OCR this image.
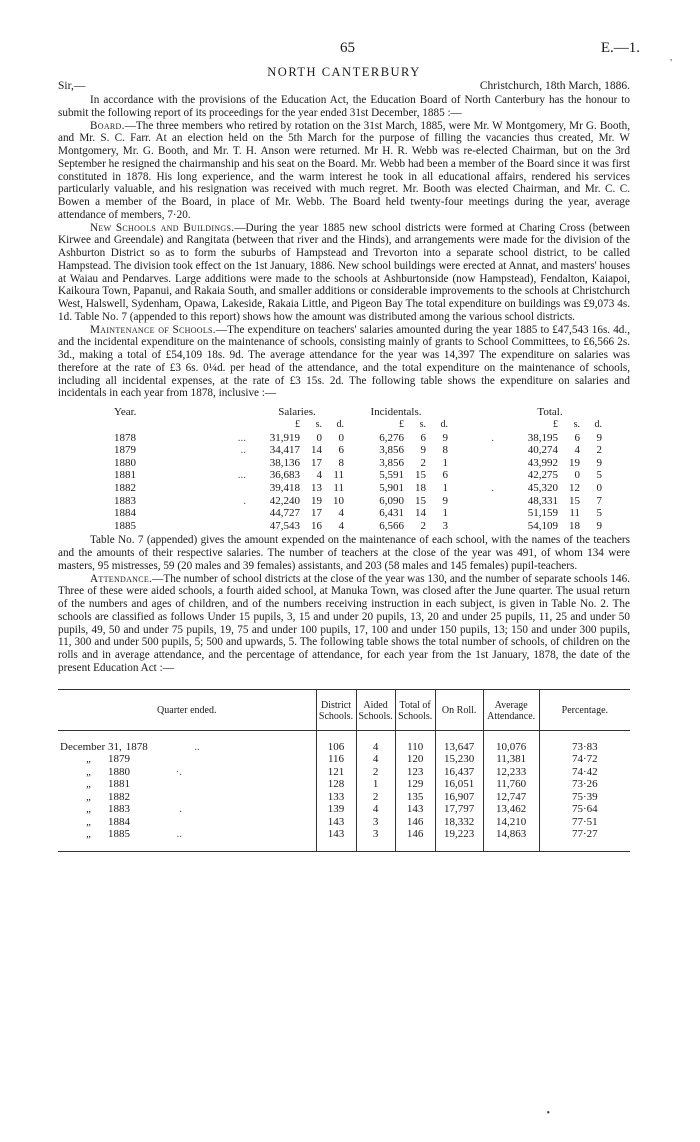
'
•
65	E.—1.
NORTH CANTERBURY
Sir,—	Christchurch, 18th March, 1886.

In accordance with the provisions of the Education Act, the Education Board of North Canterbury has the honour to submit the following report of its proceedings for the year ended 31st December, 1885 :—

Board.—The three members who retired by rotation on the 31st March, 1885, were Mr. W Montgomery, Mr G. Booth, and Mr. S. C. Farr. At an election held on the 5th March for the purpose of filling the vacancies thus created, Mr. W Montgomery, Mr. G. Booth, and Mr. T. H. Anson were returned. Mr H. R. Webb was re-elected Chairman, but on the 3rd September he resigned the chairmanship and his seat on the Board. Mr. Webb had been a member of the Board since it was first constituted in 1878. His long experience, and the warm interest he took in all educational affairs, rendered his services particularly valuable, and his resignation was received with much regret. Mr. Booth was elected Chairman, and Mr. C. C. Bowen a member of the Board, in place of Mr. Webb. The Board held twenty-four meetings during the year, average attendance of members, 7·20.

New Schools and Buildings.—During the year 1885 new school districts were formed at Charing Cross (between Kirwee and Greendale) and Rangitata (between that river and the Hinds), and arrangements were made for the division of the Ashburton District so as to form the suburbs of Hampstead and Trevorton into a separate school district, to be called Hampstead. The division took effect on the 1st January, 1886. New school buildings were erected at Annat, and masters' houses at Waiau and Pendarves. Large additions were made to the schools at Ashburtonside (now Hampstead), Fendalton, Kaiapoi, Kaikoura Town, Papanui, and Rakaia South, and smaller additions or considerable improvements to the schools at Christchurch West, Halswell, Sydenham, Opawa, Lakeside, Rakaia Little, and Pigeon Bay The total expenditure on buildings was £9,073 4s. 1d. Table No. 7 (appended to this report) shows how the amount was distributed among the various school districts.

Maintenance of Schools.—The expenditure on teachers' salaries amounted during the year 1885 to £47,543 16s. 4d., and the incidental expenditure on the maintenance of schools, consisting mainly of grants to School Committees, to £6,566 2s. 3d., making a total of £54,109 18s. 9d. The average attendance for the year was 14,397 The expenditure on salaries was therefore at the rate of £3 6s. 0¼d. per head of the attendance, and the total expenditure on the maintenance of schools, including all incidental expenses, at the rate of £3 15s. 2d. The following table shows the expenditure on salaries and incidentals in each year from 1878, inclusive :—

Year.		Salaries.			Incidentals.				Total.			
		£	s.	d.	£	s.	d.		£	s.	d.	
1878	...	31,919	0	0	6,276	6	9	.	38,195	6	9	
1879	..	34,417	14	6	3,856	9	8		40,274	4	2	
1880		38,136	17	8	3,856	2	1		43,992	19	9	
1881	...	36,683	4	11	5,591	15	6		42,275	0	5	
1882		39,418	13	11	5,901	18	1	.	45,320	12	0	
1883	.	42,240	19	10	6,090	15	9		48,331	15	7	
1884		44,727	17	4	6,431	14	1		51,159	11	5	
1885		47,543	16	4	6,566	2	3		54,109	18	9	

Table No. 7 (appended) gives the amount expended on the maintenance of each school, with the names of the teachers and the amounts of their respective salaries. The number of teachers at the close of the year was 491, of whom 134 were masters, 95 mistresses, 59 (20 males and 39 females) assistants, and 203 (58 males and 145 females) pupil-teachers.

Attendance.—The number of school districts at the close of the year was 130, and the number of separate schools 146. Three of these were aided schools, a fourth aided school, at Manuka Town, was closed after the June quarter. The usual return of the numbers and ages of children, and of the numbers receiving instruction in each subject, is given in Table No. 2. The schools are classified as follows Under 15 pupils, 3, 15 and under 20 pupils, 13, 20 and under 25 pupils, 11, 25 and under 50 pupils, 49, 50 and under 75 pupils, 19, 75 and under 100 pupils, 17, 100 and under 150 pupils, 13; 150 and under 300 pupils, 11, 300 and under 500 pupils, 5; 500 and upwards, 5. The following table shows the total number of schools, of children on the rolls and in average attendance, and the percentage of attendance, for each year from the 1st January, 1878, the date of the present Education Act :—

Quarter ended.	District Schools.	Aided Schools.	Total of Schools.	On Roll.	Average Attendance.	Percentage.

December 31, 1878 ..	106	4	110	13,647	10,076	73·83
„ 1879	116	4	120	15,230	11,381	74·72
„ 1880 ·.	121	2	123	16,437	12,233	74·42
„ 1881	128	1	129	16,051	11,760	73·26
„ 1882	133	2	135	16,907	12,747	75·39
„ 1883 .	139	4	143	17,797	13,462	75·64
„ 1884	143	3	146	18,332	14,210	77·51
„ 1885 ..	143	3	146	19,223	14,863	77·27
